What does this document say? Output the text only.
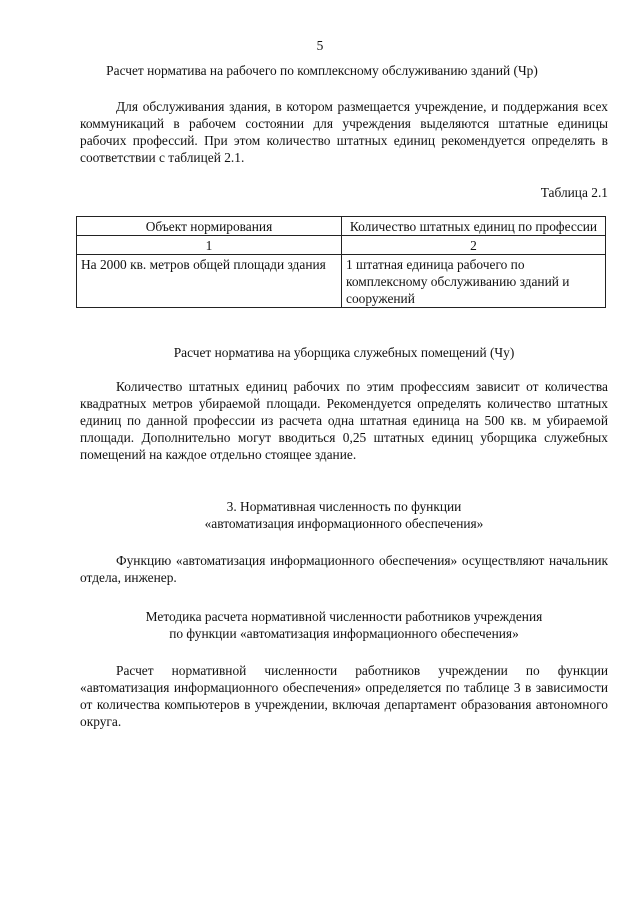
5
Расчет норматива на рабочего по комплексному обслуживанию зданий (Чр)
Для обслуживания здания, в котором размещается учреждение, и поддержания всех коммуникаций в рабочем состоянии для учреждения выделяются штатные единицы рабочих профессий. При этом количество штатных единиц рекомендуется определять в соответствии с таблицей 2.1.
Таблица 2.1
Объект нормирования	Количество штатных единиц по профессии
1	2
На 2000 кв. метров общей площади здания	1 штатная единица рабочего по комплексному обслуживанию зданий и сооружений
Расчет норматива на уборщика служебных помещений (Чу)
Количество штатных единиц рабочих по этим профессиям зависит от количества квадратных метров убираемой площади. Рекомендуется определять количество штатных единиц по данной профессии из расчета одна штатная единица на 500 кв. м убираемой площади. Дополнительно могут вводиться 0,25 штатных единиц уборщика служебных помещений на каждое отдельно стоящее здание.
3. Нормативная численность по функции
«автоматизация информационного обеспечения»
Функцию «автоматизация информационного обеспечения» осуществляют начальник отдела, инженер.
Методика расчета нормативной численности работников учреждения
по функции «автоматизация информационного обеспечения»
Расчет нормативной численности работников учреждении по функции «автоматизация информационного обеспечения» определяется по таблице 3 в зависимости от количества компьютеров в учреждении, включая департамент образования автономного округа.
